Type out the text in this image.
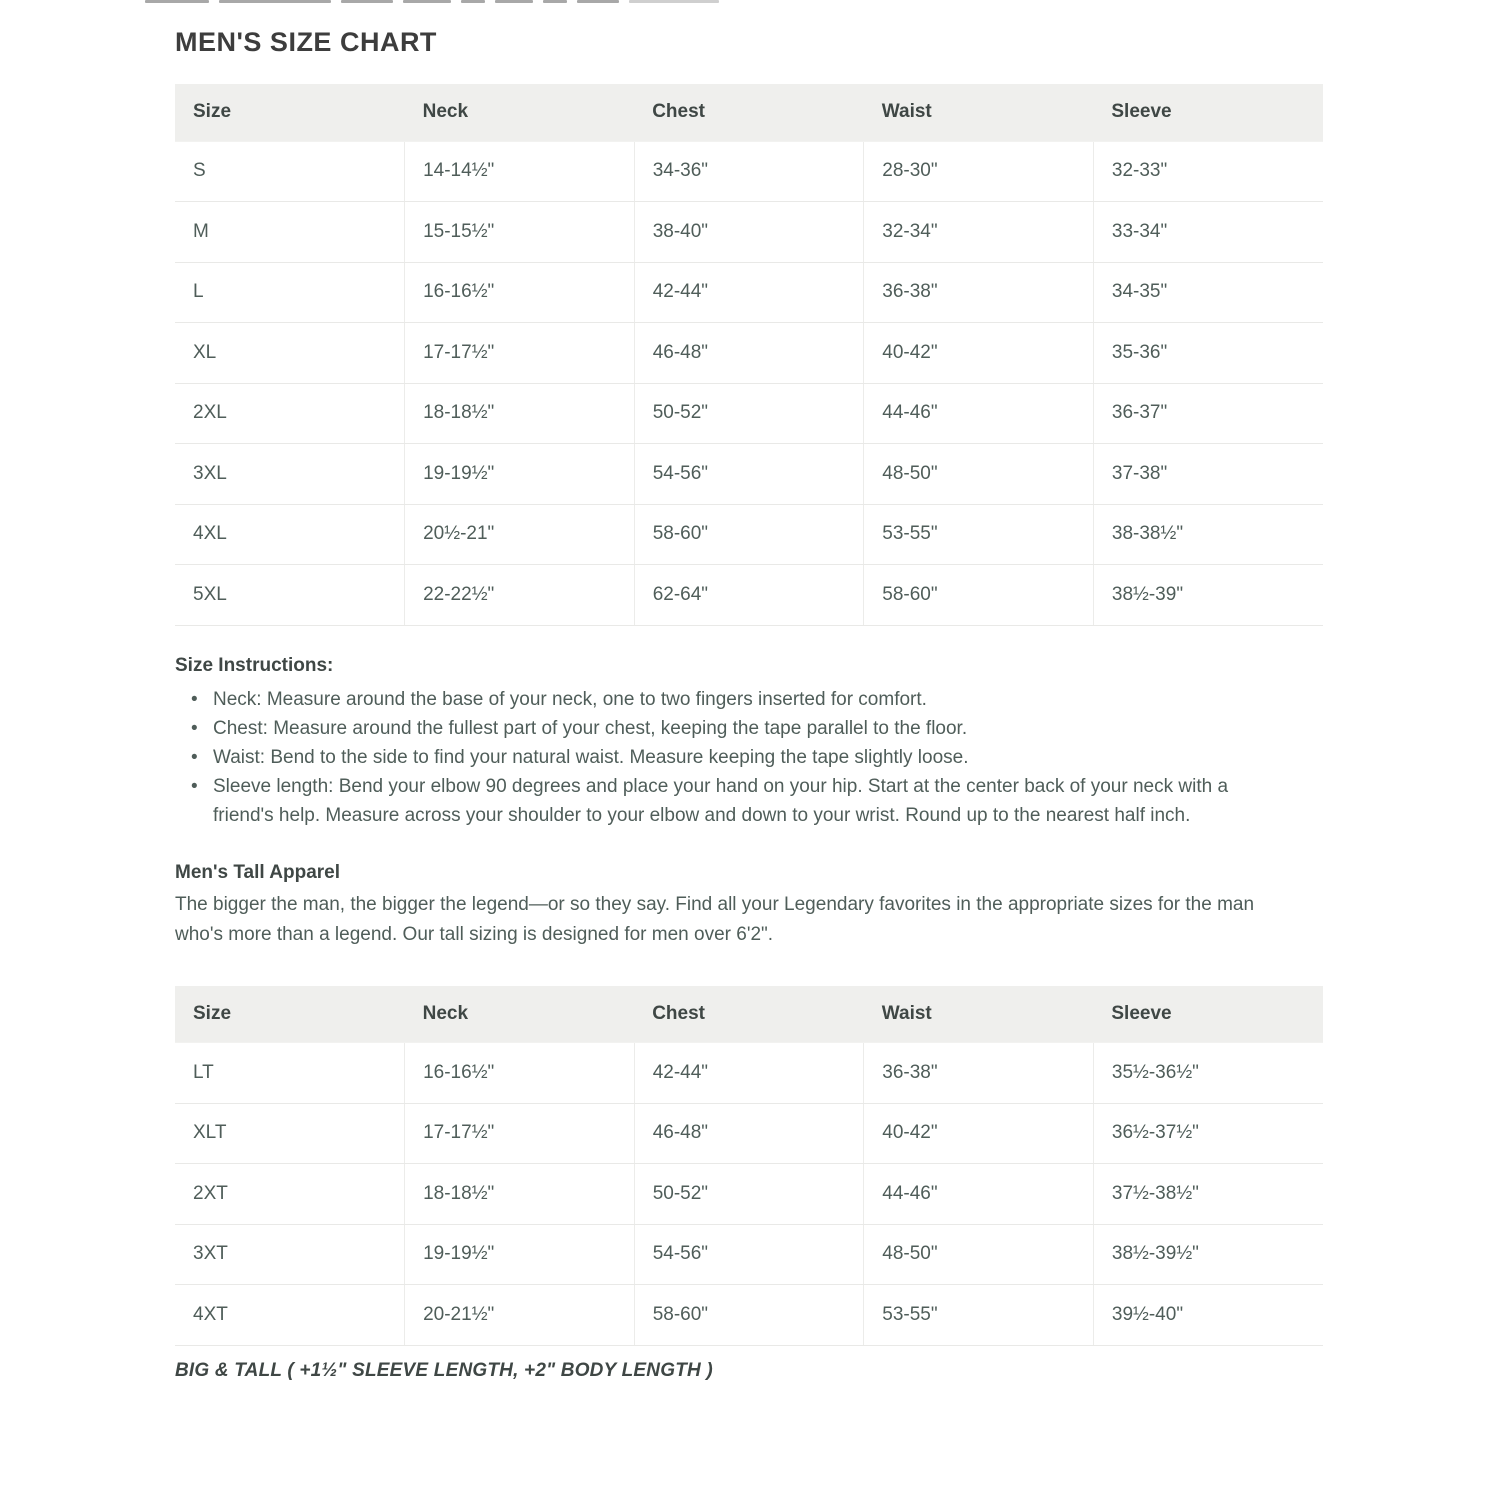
MEN'S SIZE CHART
Size	Neck	Chest	Waist	Sleeve
S	14-14½"	34-36"	28-30"	32-33"
M	15-15½"	38-40"	32-34"	33-34"
L	16-16½"	42-44"	36-38"	34-35"
XL	17-17½"	46-48"	40-42"	35-36"
2XL	18-18½"	50-52"	44-46"	36-37"
3XL	19-19½"	54-56"	48-50"	37-38"
4XL	20½-21"	58-60"	53-55"	38-38½"
5XL	22-22½"	62-64"	58-60"	38½-39"
Size Instructions:
• Neck: Measure around the base of your neck, one to two fingers inserted for comfort.
• Chest: Measure around the fullest part of your chest, keeping the tape parallel to the floor.
• Waist: Bend to the side to find your natural waist. Measure keeping the tape slightly loose.
• Sleeve length: Bend your elbow 90 degrees and place your hand on your hip. Start at the center back of your neck with a friend's help. Measure across your shoulder to your elbow and down to your wrist. Round up to the nearest half inch.
Men's Tall Apparel

The bigger the man, the bigger the legend—or so they say. Find all your Legendary favorites in the appropriate sizes for the man who's more than a legend. Our tall sizing is designed for men over 6'2".

Size	Neck	Chest	Waist	Sleeve
LT	16-16½"	42-44"	36-38"	35½-36½"
XLT	17-17½"	46-48"	40-42"	36½-37½"
2XT	18-18½"	50-52"	44-46"	37½-38½"
3XT	19-19½"	54-56"	48-50"	38½-39½"
4XT	20-21½"	58-60"	53-55"	39½-40"
BIG & TALL ( +1½" SLEEVE LENGTH, +2" BODY LENGTH )
